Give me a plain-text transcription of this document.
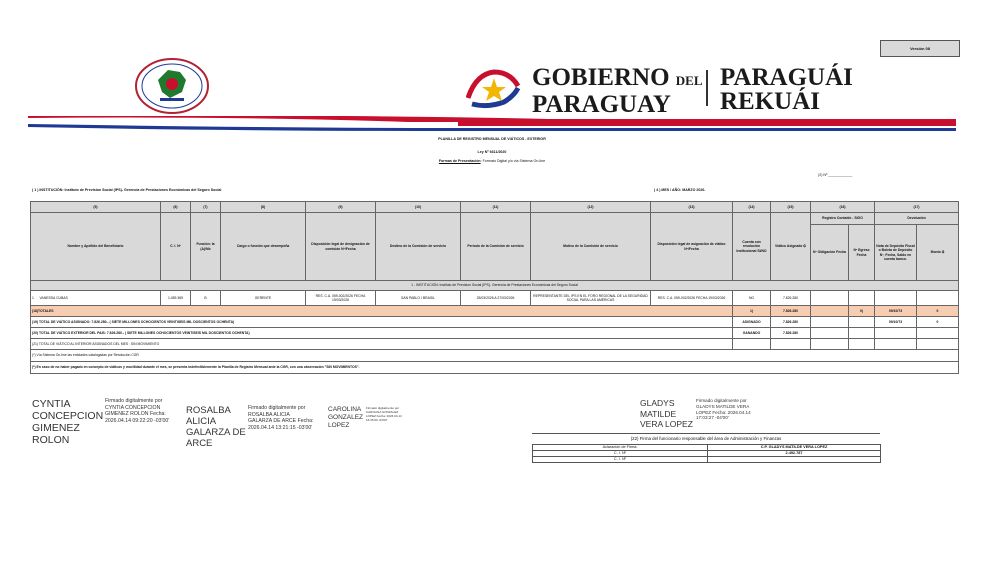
Versión 08
GOBIERNO DEL
PARAGUAY
PARAGUÁI
REKUÁI
PLANILLA DE REGISTRO MENSUAL DE VIÁTICOS - EXTERIOR
Ley Nº 6611/2020
Formas de Presentación: Formato Digital y/o vía Sistema On-line
(2) Nº ____________
( 1 ) INSTITUCIÓN: Instituto de Prevision Social (IPS)- Gerencia de Prestaciones Económicas del Seguro Social	( 4 ) MES / AÑO: MARZO 2026.
(5)	(6)	(7)	(8)	(9)	(10)	(11)	(12)	(13)	(14)	(15)	(16)		(17)	
Nombre y Apellido del Beneficiario	C. I. Nº	Función: la (A)/Nb	Cargo o función que desempeña	Disposición legal de designación de comisión Nº/Fecha	Destino de la Comisión de servicio	Periodo de la Comisión de servicio	Motivo de la Comisión de servicio	Disposición legal de asignación de viático Nº/Fecha	Cuenta con resolución Institucional SI/NO	Viático Asignado ₲	Registro Contable - SIGO		Devolución	
											Nº Obligación Fecha	Nº Egreso Fecha	Nota de Depósito Fiscal o Boleta de Depósito Nº, Fecha, Saldo en cuenta banco.	Monto ₲
1 - INSTITUCIÓN: Instituto de Prevision Social (IPS)- Gerencia de Prestaciones Económicas del Seguro Social														
1 VANESSA CUBAS	1.459.369	B	GERENTE	RES. C.A. 059-002/2026 FECHA 19/03/2026	SAN PABLO / BRASIL	25/03/2026 A 27/03/2026	REPRESENTANTE DEL IPS EN EL FORO REGIONAL DE LA SEGURIDAD SOCIAL PARA LAS AMÉRICAS	RES. C.A. 059-002/2026 FECHA 19/03/2026	NO	7.826.280				
(18)TOTALES									1)	7.826.280		0)	09/10/73	0
(19) TOTAL DE VIÁTICO ASIGNADO: 7.826.280.- ( SIETE MILLONES OCHOCIENTOS VEINTISEIS MIL DOSCIENTOS OCHENTA)									ASIGNADO	7.826.280			09/10/73	0
(20) TOTAL DE VIÁTICO EXTERIOR DEL PAIS: 7.826.280.- ( SIETE MILLONES OCHOCIENTOS VEINTISEIS MIL DOSCIENTOS OCHENTA)									GANANDO	7.826.280				
(21) TOTAL DE VIÁTICO AL INTERIOR ASIGNADOS DEL MES : SIN MOVIMIENTO														
(*) Vía Sistema On-line las entidades catalogadas por Resolución CGR														
(*) En caso de no haber pagado en concepto de viáticos y movilidad durante el mes, se presenta indefectiblemente la Planilla de Registro Mensual ante la CGR, con una observación "SIN MOVIMIENTOS".														
CYNTIA CONCEPCION GIMENEZ ROLON
Firmado digitalmente por CYNTIA CONCEPCION GIMENEZ ROLON Fecha: 2026.04.14 09:22:20 -03'00'
ROSALBA ALICIA GALARZA DE ARCE
Firmado digitalmente por ROSALBA ALICIA GALARZA DE ARCE Fecha: 2026.04.14 13:21:15 -03'00'
CAROLINA GONZALEZ LOPEZ
Firmado digitalmente por CAROLINA GONZALEZ LOPEZ Fecha: 2026.04.14 16:35:00 -03'00'
GLADYS MATILDE VERA LOPEZ
Firmado digitalmente por GLADYS MATILDE VERA LOPEZ Fecha: 2026.04.14 17:03:27 -04'00'
(22) Firma del funcionario responsable del área de Administración y Finanzas
Aclaración de Firma:	C.P. GLADYS MATILDE VERA LOPEZ
C. I. Nº	2.492.787
C. I. Nº	
